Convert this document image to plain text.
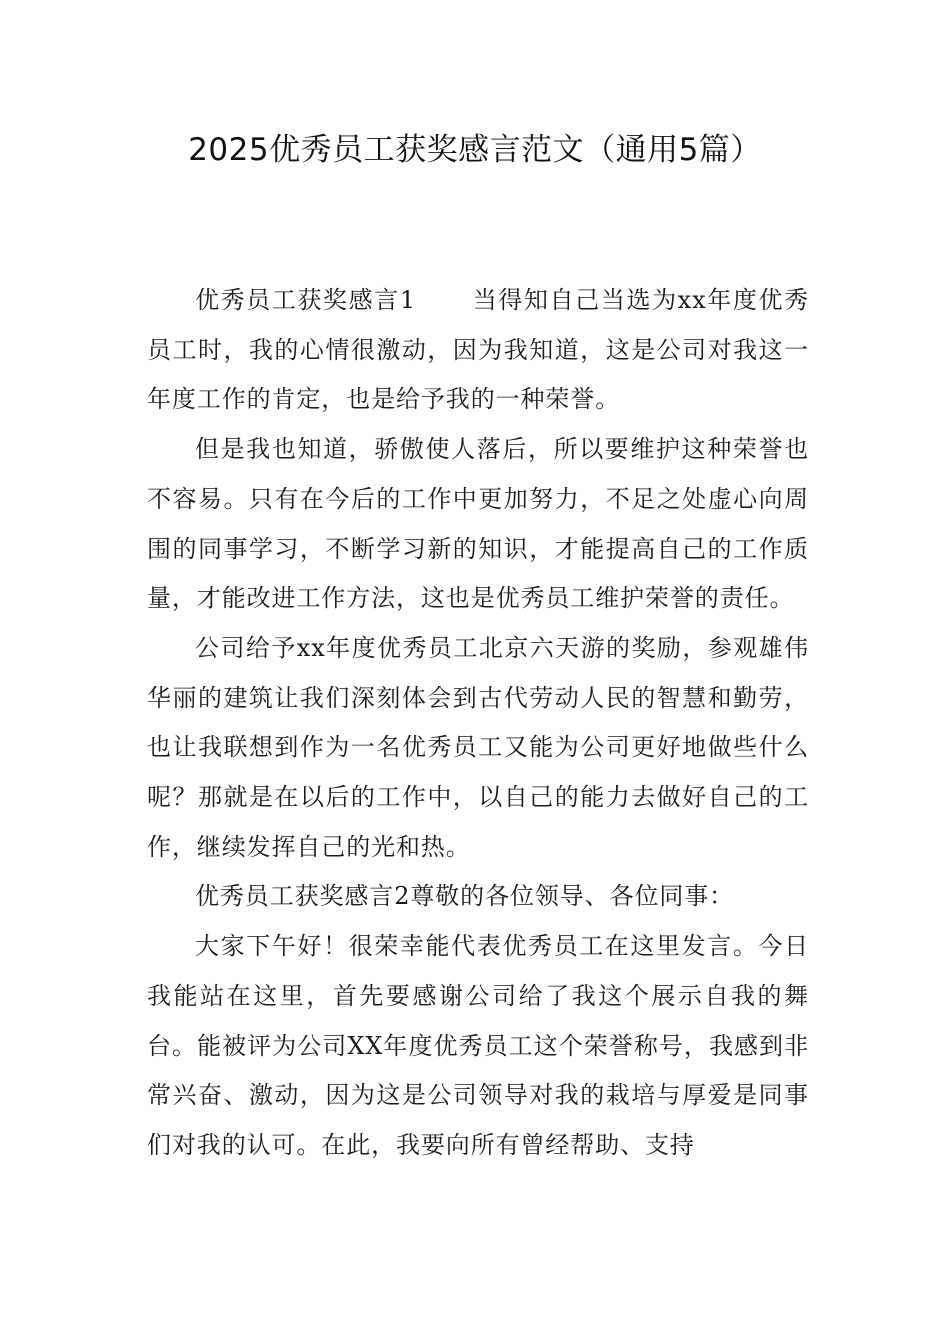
2025优秀员工获奖感言范文（通用5篇）

优秀员工获奖感言1 当得知自己当选为xx年度优秀员工时，我的心情很激动，因为我知道，这是公司对我这一年度工作的肯定，也是给予我的一种荣誉。

但是我也知道，骄傲使人落后，所以要维护这种荣誉也不容易。只有在今后的工作中更加努力，不足之处虚心向周围的同事学习，不断学习新的知识，才能提高自己的工作质量，才能改进工作方法，这也是优秀员工维护荣誉的责任。

公司给予xx年度优秀员工北京六天游的奖励，参观雄伟华丽的建筑让我们深刻体会到古代劳动人民的智慧和勤劳，也让我联想到作为一名优秀员工又能为公司更好地做些什么呢？那就是在以后的工作中，以自己的能力去做好自己的工作，继续发挥自己的光和热。

优秀员工获奖感言2尊敬的各位领导、各位同事：

大家下午好！很荣幸能代表优秀员工在这里发言。今日我能站在这里，首先要感谢公司给了我这个展示自我的舞台。能被评为公司XX年度优秀员工这个荣誉称号，我感到非常兴奋、激动，因为这是公司领导对我的栽培与厚爱是同事们对我的认可。在此，我要向所有曾经帮助、支持
